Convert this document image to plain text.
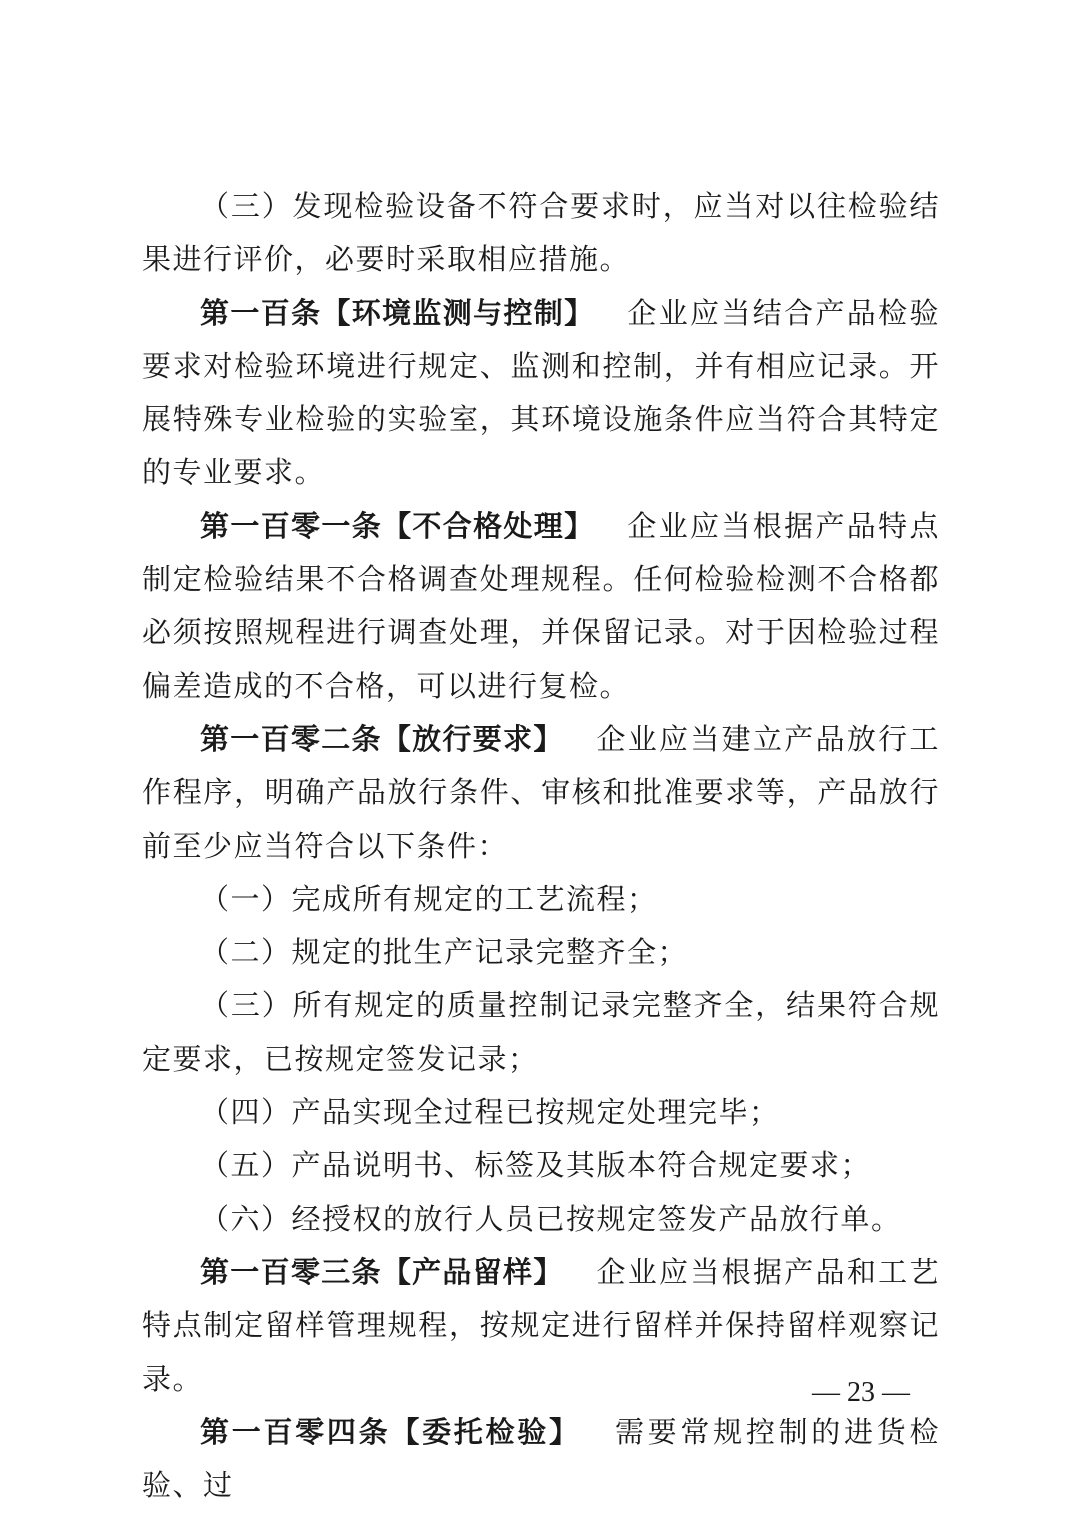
（三）发现检验设备不符合要求时，应当对以往检验结果进行评价，必要时采取相应措施。

第一百条【环境监测与控制】 企业应当结合产品检验要求对检验环境进行规定、监测和控制，并有相应记录。开展特殊专业检验的实验室，其环境设施条件应当符合其特定的专业要求。

第一百零一条【不合格处理】 企业应当根据产品特点制定检验结果不合格调查处理规程。任何检验检测不合格都必须按照规程进行调查处理，并保留记录。对于因检验过程偏差造成的不合格，可以进行复检。

第一百零二条【放行要求】 企业应当建立产品放行工作程序，明确产品放行条件、审核和批准要求等，产品放行前至少应当符合以下条件：

（一）完成所有规定的工艺流程；

（二）规定的批生产记录完整齐全；

（三）所有规定的质量控制记录完整齐全，结果符合规定要求，已按规定签发记录；

（四）产品实现全过程已按规定处理完毕；

（五）产品说明书、标签及其版本符合规定要求；

（六）经授权的放行人员已按规定签发产品放行单。

第一百零三条【产品留样】 企业应当根据产品和工艺特点制定留样管理规程，按规定进行留样并保持留样观察记录。

第一百零四条【委托检验】 需要常规控制的进货检验、过

— 23 —
